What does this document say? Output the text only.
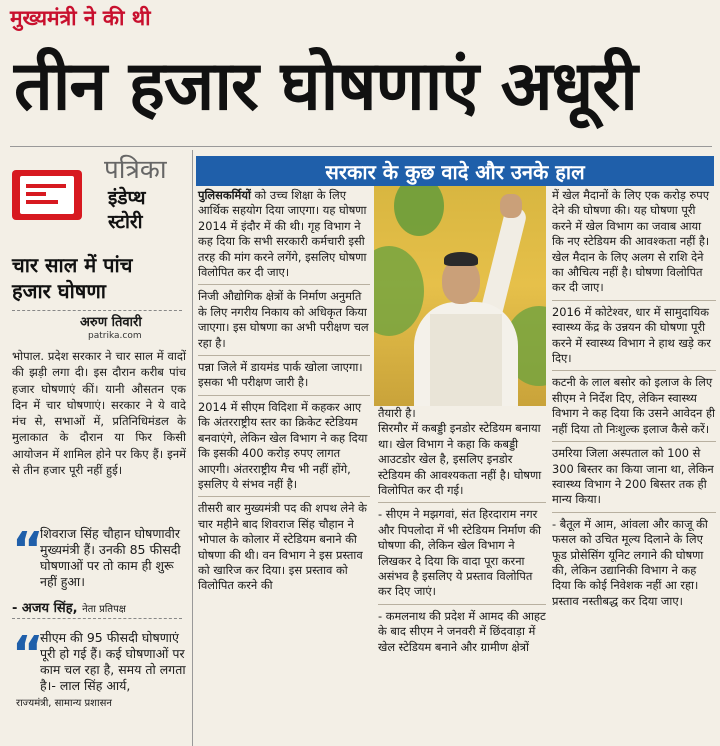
मुख्यमंत्री ने की थी
तीन हजार घोषणाएं अधूरी
पत्रिका
इंडेप्थ
स्टोरी
चार साल में पांच
हजार घोषणा
अरुण तिवारी
patrika.com
भोपाल. प्रदेश सरकार ने चार साल में वादों की झड़ी लगा दी। इस दौरान करीब पांच हजार घोषणाएं कीं। यानी औसतन एक दिन में चार घोषणाएं। सरकार ने ये वादे मंच से, सभाओं में, प्रतिनिधिमंडल के मुलाकात के दौरान या फिर किसी आयोजन में शामिल होने पर किए हैं। इनमें से तीन हजार पूरी नहीं हुई।
“
शिवराज सिंह चौहान घोषणावीर मुख्यमंत्री हैं। उनकी 85 फीसदी घोषणाओं पर तो काम ही शुरू नहीं हुआ।
- अजय सिंह, नेता प्रतिपक्ष
“
सीएम की 95 फीसदी घोषणाएं पूरी हो गई हैं। कई घोषणाओं पर काम चल रहा है, समय तो लगता है।- लाल सिंह आर्य,
राज्यमंत्री, सामान्य प्रशासन
सरकार के कुछ वादे और उनके हाल

पुलिसकर्मियों को उच्च शिक्षा के लिए आर्थिक सहयोग दिया जाएगा। यह घोषणा 2014 में इंदौर में की थी। गृह विभाग ने कह दिया कि सभी सरकारी कर्मचारी इसी तरह की मांग करने लगेंगे, इसलिए घोषणा विलोपित कर दी जाए।

निजी औद्योगिक क्षेत्रों के निर्माण अनुमति के लिए नगरीय निकाय को अधिकृत किया जाएगा। इस घोषणा का अभी परीक्षण चल रहा है।

पन्ना जिले में डायमंड पार्क खोला जाएगा। इसका भी परीक्षण जारी है।

2014 में सीएम विदिशा में कहकर आए कि अंतरराष्ट्रीय स्तर का क्रिकेट स्टेडियम बनवाएंगे, लेकिन खेल विभाग ने कह दिया कि इसकी 400 करोड़ रुपए लागत आएगी। अंतरराष्ट्रीय मैच भी नहीं होंगे, इसलिए ये संभव नहीं है।

तीसरी बार मुख्यमंत्री पद की शपथ लेने के चार महीने बाद शिवराज सिंह चौहान ने भोपाल के कोलार में स्टेडियम बनाने की घोषणा की थी। वन विभाग ने इस प्रस्ताव को खारिज कर दिया। इस प्रस्ताव को विलोपित करने की

तैयारी है।

सिरमौर में कबड्डी इनडोर स्टेडियम बनाया था। खेल विभाग ने कहा कि कबड्डी आउटडोर खेल है, इसलिए इनडोर स्टेडियम की आवश्यकता नहीं है। घोषणा विलोपित कर दी गई।

- सीएम ने मझगवां, संत हिरदाराम नगर और पिपलोदा में भी स्टेडियम निर्माण की घोषणा की, लेकिन खेल विभाग ने लिखकर दे दिया कि वादा पूरा करना असंभव है इसलिए ये प्रस्ताव विलोपित कर दिए जाएं।

- कमलनाथ की प्रदेश में आमद की आहट के बाद सीएम ने जनवरी में छिंदवाड़ा में खेल स्टेडियम बनाने और ग्रामीण क्षेत्रों

में खेल मैदानों के लिए एक करोड़ रुपए देने की घोषणा की। यह घोषणा पूरी करने में खेल विभाग का जवाब आया कि नए स्टेडियम की आवश्कता नहीं है। खेल मैदान के लिए अलग से राशि देने का औचित्य नहीं है। घोषणा विलोपित कर दी जाए।

2016 में कोटेश्वर, धार में सामुदायिक स्वास्थ्य केंद्र के उन्नयन की घोषणा पूरी करने में स्वास्थ्य विभाग ने हाथ खड़े कर दिए।

कटनी के लाल बसोर को इलाज के लिए सीएम ने निर्देश दिए, लेकिन स्वास्थ्य विभाग ने कह दिया कि उसने आवेदन ही नहीं दिया तो निःशुल्क इलाज कैसे करें।

उमरिया जिला अस्पताल को 100 से 300 बिस्तर का किया जाना था, लेकिन स्वास्थ्य विभाग ने 200 बिस्तर तक ही मान्य किया।

- बैतूल में आम, आंवला और काजू की फसल को उचित मूल्य दिलाने के लिए फूड प्रोसेसिंग यूनिट लगाने की घोषणा की, लेकिन उद्यानिकी विभाग ने कह दिया कि कोई निवेशक नहीं आ रहा। प्रस्ताव नस्तीबद्ध कर दिया जाए।
